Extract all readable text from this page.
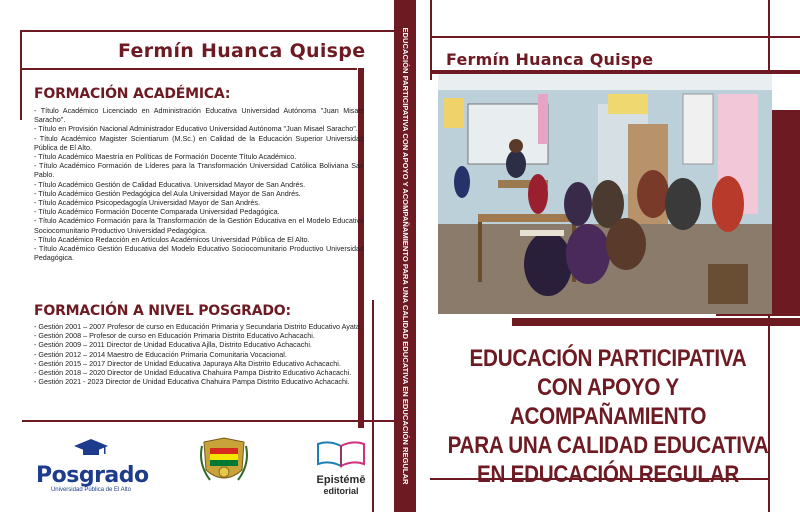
Fermín Huanca Quispe
FORMACIÓN ACADÉMICA:
- Título Académico Licenciado en Administración Educativa Universidad Autónoma "Juan Misael Saracho".
- Título en Provisión Nacional Administrador Educativo Universidad Autónoma "Juan Misael Saracho".
- Título Académico Magister Scientiarum (M.Sc.) en Calidad de la Educación Superior Universidad Pública de El Alto.
- Título Académico Maestría en Políticas de Formación Docente Título Académico.
- Título Académico Formación de Líderes para la Transformación Universidad Católica Boliviana San Pablo.
- Título Académico Gestión de Calidad Educativa. Universidad Mayor de San Andrés.
- Título Académico Gestión Pedagógica del Aula Universidad Mayor de San Andrés.
- Título Académico Psicopedagogía Universidad Mayor de San Andrés.
- Título Académico Formación Docente Comparada Universidad Pedagógica.
- Título Académico Formación para la Transformación de la Gestión Educativa en el Modelo Educativo Sociocomunitario Productivo Universidad Pedagógica.
- Título Académico Redacción en Artículos Académicos Universidad Pública de El Alto.
- Título Académico Gestión Educativa del Modelo Educativo Sociocomunitario Productivo Universidad Pedagógica.
FORMACIÓN A NIVEL POSGRADO:
- Gestión 2001 – 2007 Profesor de curso en Educación Primaria y Secundaria Distrito Educativo Ayata.
- Gestión 2008 – Profesor de curso en Educación Primaria Distrito Educativo Achacachi.
- Gestión 2009 – 2011 Director de Unidad Educativa Ajlla, Distrito Educativo Achacachi.
- Gestión 2012 – 2014 Maestro de Educación Primaria Comunitaria Vocacional.
- Gestión 2015 – 2017 Director de Unidad Educativa Japuraya Alta Distrito Educativo Achacachi.
- Gestión 2018 – 2020 Director de Unidad Educativa Chahuira Pampa Distrito Educativo Achacachi.
- Gestión 2021 - 2023 Director de Unidad Educativa Chahuira Pampa Distrito Educativo Achacachi.
Posgrado
Universidad Pública de El Alto
Epistémē
editorial
EDUCACIÓN PARTICIPATIVA CON APOYO Y ACOMPAÑAMIENTO PARA UNA CALIDAD EDUCATIVA EN EDUCACIÓN REGULAR Fermín Huanca Quispe
EDUCACIÓN PARTICIPATIVA
CON APOYO Y ACOMPAÑAMIENTO
PARA UNA CALIDAD EDUCATIVA
EN EDUCACIÓN REGULAR
